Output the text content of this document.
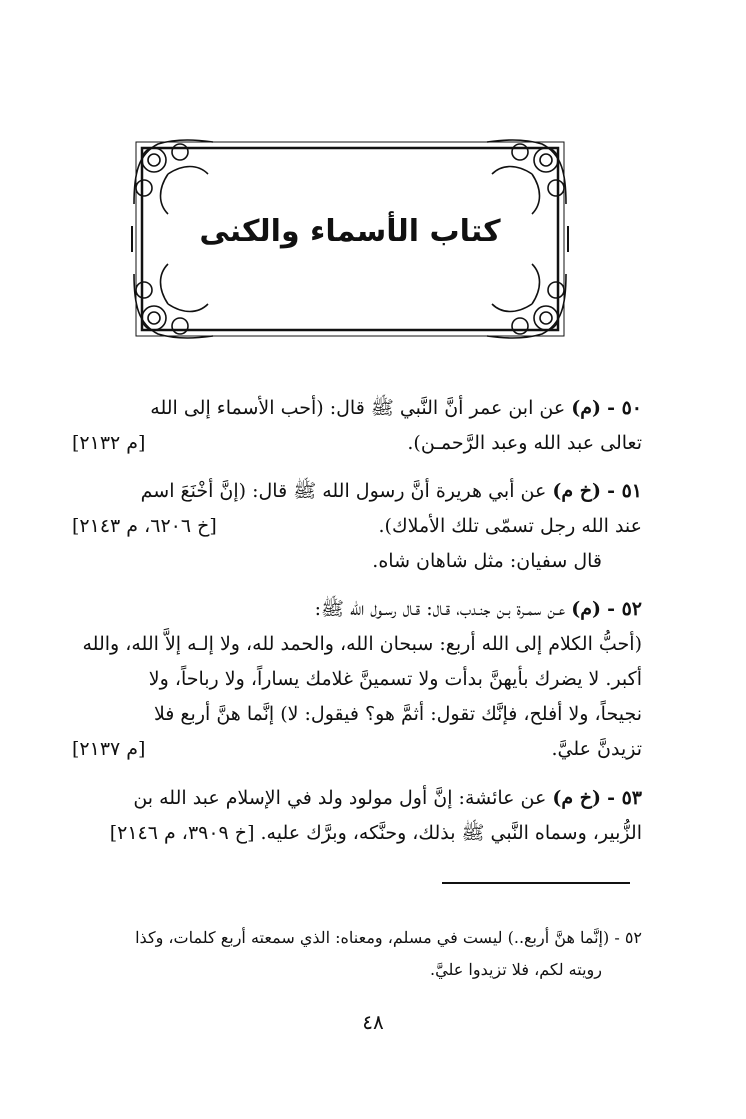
كتاب الأسماء والكنى
٥٠ - (م) عن ابن عمر أنَّ النَّبي ﷺ قال: (أحب الأسماء إلى الله
تعالى عبد الله وعبد الرَّحمـن).
[م ٢١٣٢]
٥١ - (خ م) عن أبي هريرة أنَّ رسول الله ﷺ قال: (إنَّ أخْنَعَ اسم
عند الله رجل تسمّى تلك الأملاك).
[خ ٦٢٠٦، م ٢١٤٣]
قال سفيان: مثل شاهان شاه.
٥٢ - (م) عـن سمـرة بـن جنـدب، قـال: قـال رسـول الله ﷺ:
(أحبُّ الكلام إلى الله أربع: سبحان الله، والحمد لله، ولا إلـه إلاَّ الله، والله
أكبر. لا يضرك بأيهنَّ بدأت ولا تسمينَّ غلامك يساراً، ولا رباحاً، ولا
نجيحاً، ولا أفلح، فإنَّك تقول: أثمَّ هو؟ فيقول: لا) إنَّما هنَّ أربع فلا
تزيدنَّ عليَّ.
[م ٢١٣٧]
٥٣ - (خ م) عن عائشة: إنَّ أول مولود ولد في الإسلام عبد الله بن
الزُّبير، وسماه النَّبي ﷺ بذلك، وحنَّكه، وبرَّك عليه. [خ ٣٩٠٩، م ٢١٤٦]
٥٢ - (إنَّما هنَّ أربع..) ليست في مسلم، ومعناه: الذي سمعته أربع كلمات، وكذا
رويته لكم، فلا تزيدوا عليَّ.
٤٨
